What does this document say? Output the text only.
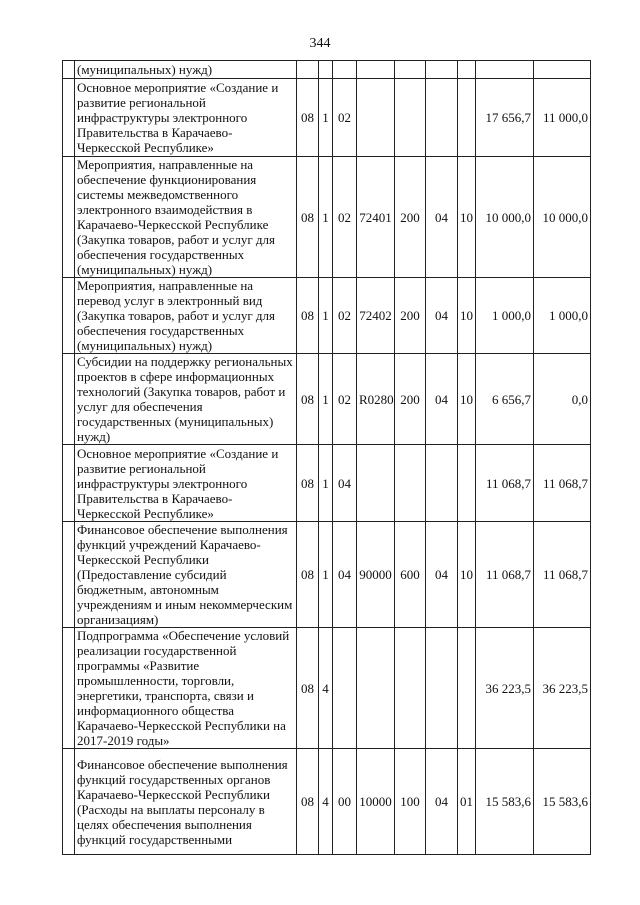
344
	(муниципальных) нужд)									
	Основное мероприятие «Создание и развитие региональной инфраструктуры электронного Правительства в Карачаево-Черкесской Республике»	08	1	02					17 656,7	11 000,0
	Мероприятия, направленные на обеспечение функционирования системы межведомственного электронного взаимодействия в Карачаево-Черкесской Республике (Закупка товаров, работ и услуг для обеспечения государственных (муниципальных) нужд)	08	1	02	72401	200	04	10	10 000,0	10 000,0
	Мероприятия, направленные на перевод услуг в электронный вид (Закупка товаров, работ и услуг для обеспечения государственных (муниципальных) нужд)	08	1	02	72402	200	04	10	1 000,0	1 000,0
	Субсидии на поддержку региональных проектов в сфере информационных технологий (Закупка товаров, работ и услуг для обеспечения государственных (муниципальных) нужд)	08	1	02	R0280	200	04	10	6 656,7	0,0
	Основное мероприятие «Создание и развитие региональной инфраструктуры электронного Правительства в Карачаево-Черкесской Республике»	08	1	04					11 068,7	11 068,7
	Финансовое обеспечение выполнения функций учреждений Карачаево-Черкесской Республики (Предоставление субсидий бюджетным, автономным учреждениям и иным некоммерческим организациям)	08	1	04	90000	600	04	10	11 068,7	11 068,7
	Подпрограмма «Обеспечение условий реализации государственной программы «Развитие промышленности, торговли, энергетики, транспорта, связи и информационного общества Карачаево-Черкесской Республики на 2017-2019 годы»	08	4						36 223,5	36 223,5
	Финансовое обеспечение выполнения функций государственных органов Карачаево-Черкесской Республики (Расходы на выплаты персоналу в целях обеспечения выполнения функций государственными	08	4	00	10000	100	04	01	15 583,6	15 583,6
